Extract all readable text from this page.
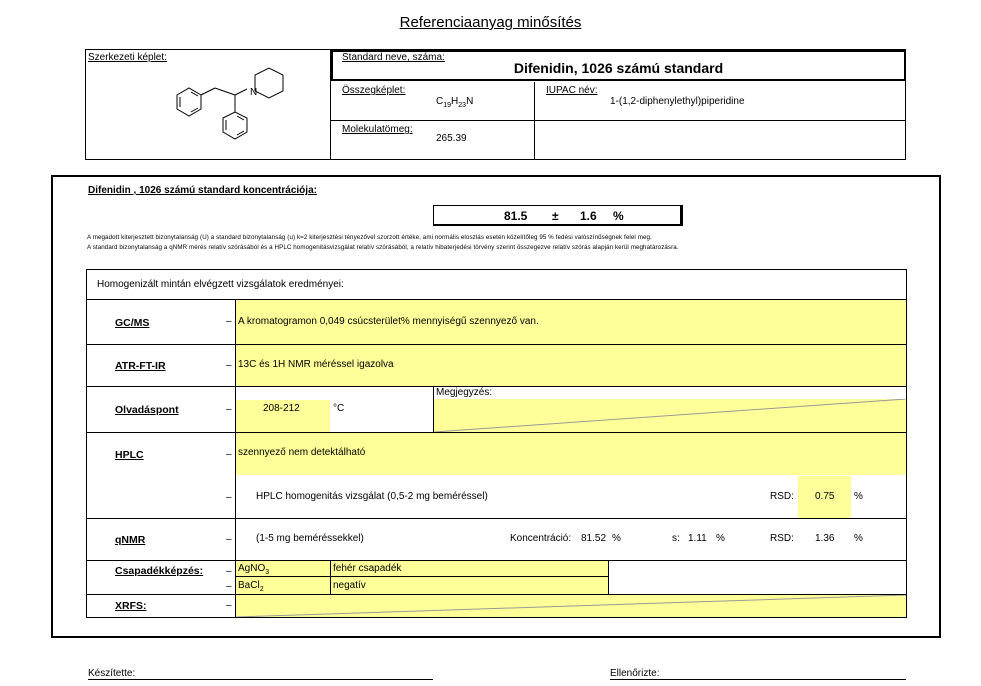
Referenciaanyag minősítés
Szerkezeti képlet:
N
Standard neve, száma:
Difenidin, 1026 számú standard
Összegképlet:
$C_{19}H_{23}N$
IUPAC név:
1-(1,2-diphenylethyl)piperidine
Molekulatömeg:
265.39
Difenidin , 1026 számú standard koncentrációja:
81.5 ± 1.6 %
A megadott kiterjesztett bizonytalanság (U) a standard bizonytalanság (u) k=2 kiterjesztési tényezővel szorzott értéke, ami normális eloszlás esetén közelítőleg 95 % fedési valószínűségnek felel meg.
A standard bizonytalanság a qNMR mérés relatív szórásából és a HPLC homogenitásvizsgálat relatív szórásából, a relatív hibaterjedési törvény szerint összegezve relatív szórás alapján kerül meghatározásra.
Homogenizált mintán elvégzett vizsgálatok eredményei:
GC/MS	– A kromatogramon 0,049 csúcsterület% mennyiségű szennyező van.
ATR-FT-IR	– 13C és 1H NMR méréssel igazolva
Olvadáspont	–	208-212	°C
Megjegyzés:
HPLC	– szennyező nem detektálható
– HPLC homogenitás vizsgálat (0,5-2 mg beméréssel)	RSD: 0.75 %
qNMR	– (1-5 mg beméréssekkel)	Koncentráció: 81.52 %	s: 1.11 %	RSD: 1.36 %
Csapadékképzés: –
–
AgNO$_3$	fehér csapadék
BaCl$_2$	negatív
XRFS:	–
Készítette:	Ellenőrizte:
